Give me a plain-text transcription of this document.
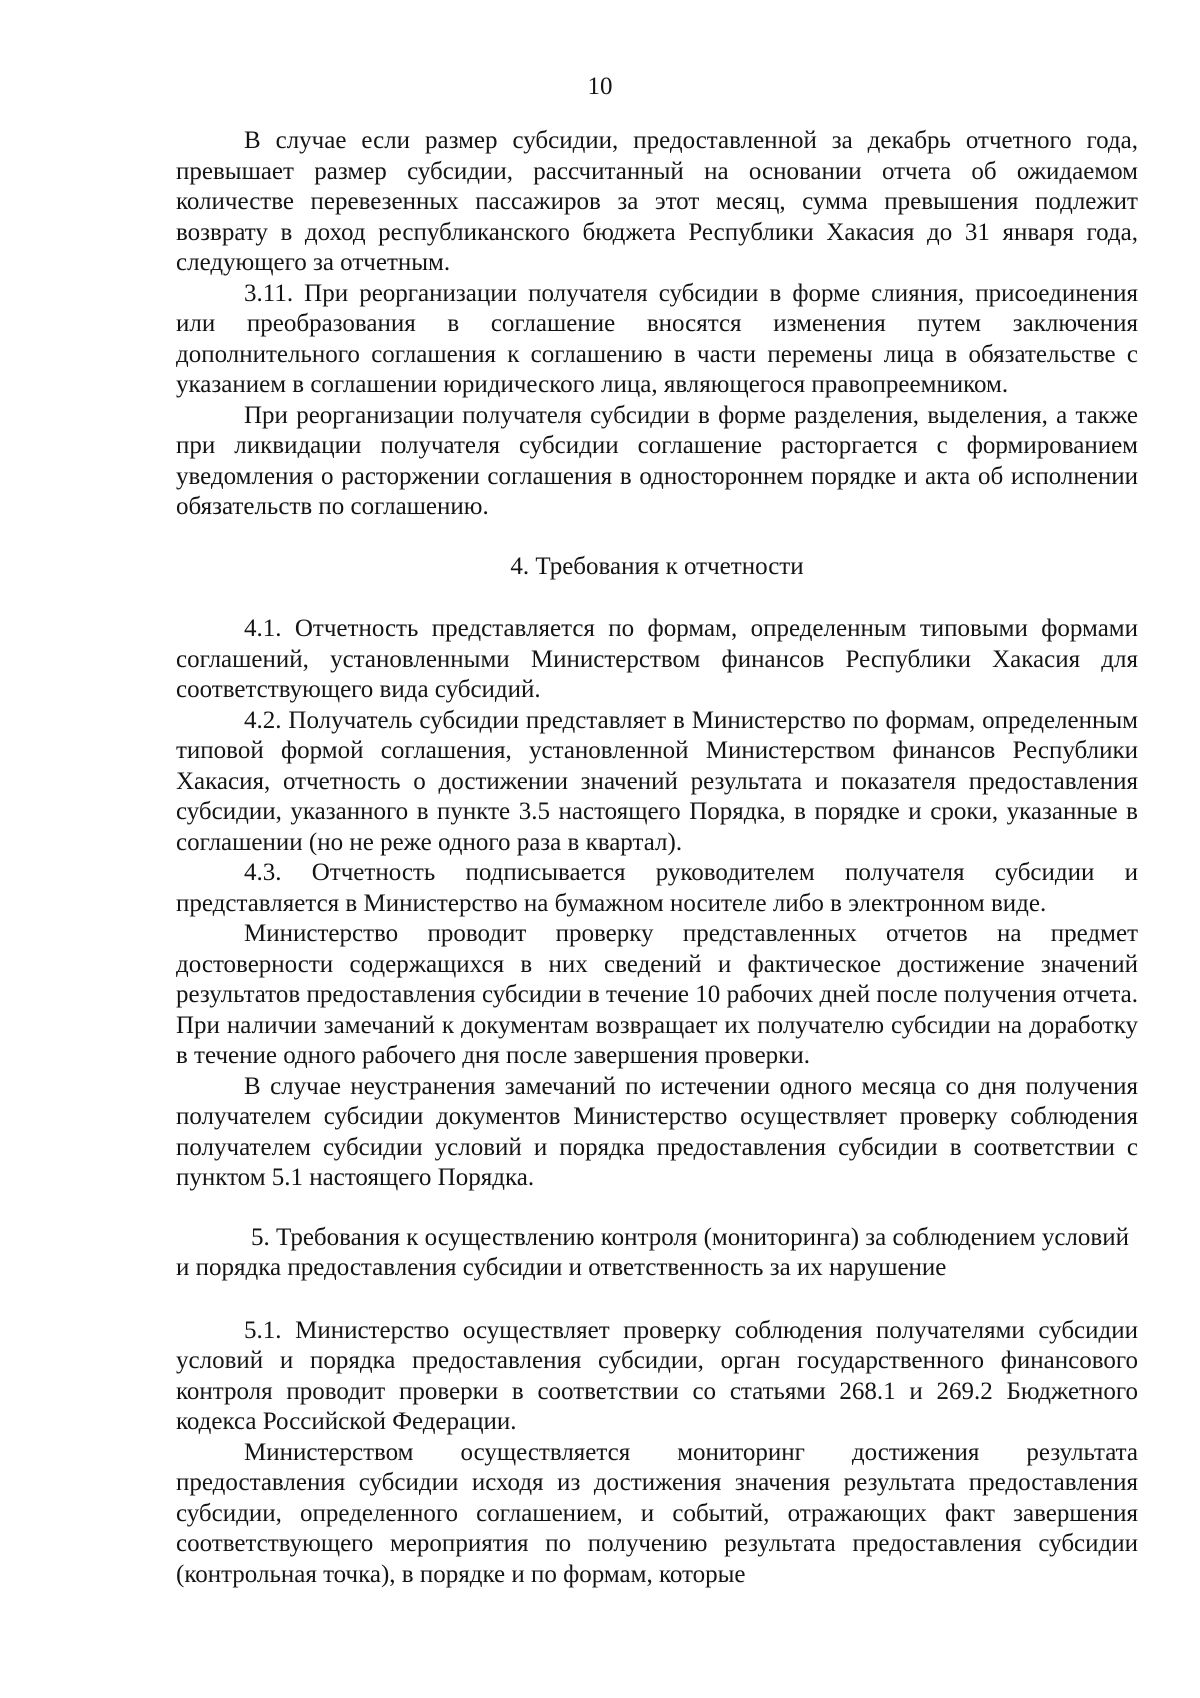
10

В случае если размер субсидии, предоставленной за декабрь отчетного года, превышает размер субсидии, рассчитанный на основании отчета об ожидаемом количестве перевезенных пассажиров за этот месяц, сумма превышения подлежит возврату в доход республиканского бюджета Республики Хакасия до 31 января года, следующего за отчетным.

3.11. При реорганизации получателя субсидии в форме слияния, присоединения или преобразования в соглашение вносятся изменения путем заключения дополнительного соглашения к соглашению в части перемены лица в обязательстве с указанием в соглашении юридического лица, являющегося правопреемником.

При реорганизации получателя субсидии в форме разделения, выделения, а также при ликвидации получателя субсидии соглашение расторгается с формированием уведомления о расторжении соглашения в одностороннем порядке и акта об исполнении обязательств по соглашению.

4. Требования к отчетности

4.1. Отчетность представляется по формам, определенным типовыми формами соглашений, установленными Министерством финансов Республики Хакасия для соответствующего вида субсидий.

4.2. Получатель субсидии представляет в Министерство по формам, определенным типовой формой соглашения, установленной Министерством финансов Республики Хакасия, отчетность о достижении значений результата и показателя предоставления субсидии, указанного в пункте 3.5 настоящего Порядка, в порядке и сроки, указанные в соглашении (но не реже одного раза в квартал).

4.3. Отчетность подписывается руководителем получателя субсидии и представляется в Министерство на бумажном носителе либо в электронном виде.

Министерство проводит проверку представленных отчетов на предмет достоверности содержащихся в них сведений и фактическое достижение значений результатов предоставления субсидии в течение 10 рабочих дней после получения отчета. При наличии замечаний к документам возвращает их получателю субсидии на доработку в течение одного рабочего дня после завершения проверки.

В случае неустранения замечаний по истечении одного месяца со дня получения получателем субсидии документов Министерство осуществляет проверку соблюдения получателем субсидии условий и порядка предоставления субсидии в соответствии с пунктом 5.1 настоящего Порядка.

5. Требования к осуществлению контроля (мониторинга) за соблюдением условий и порядка предоставления субсидии и ответственность за их нарушение

5.1. Министерство осуществляет проверку соблюдения получателями субсидии условий и порядка предоставления субсидии, орган государственного финансового контроля проводит проверки в соответствии со статьями 268.1 и 269.2 Бюджетного кодекса Российской Федерации.

Министерством осуществляется мониторинг достижения результата предоставления субсидии исходя из достижения значения результата предоставления субсидии, определенного соглашением, и событий, отражающих факт завершения соответствующего мероприятия по получению результата предоставления субсидии (контрольная точка), в порядке и по формам, которые
